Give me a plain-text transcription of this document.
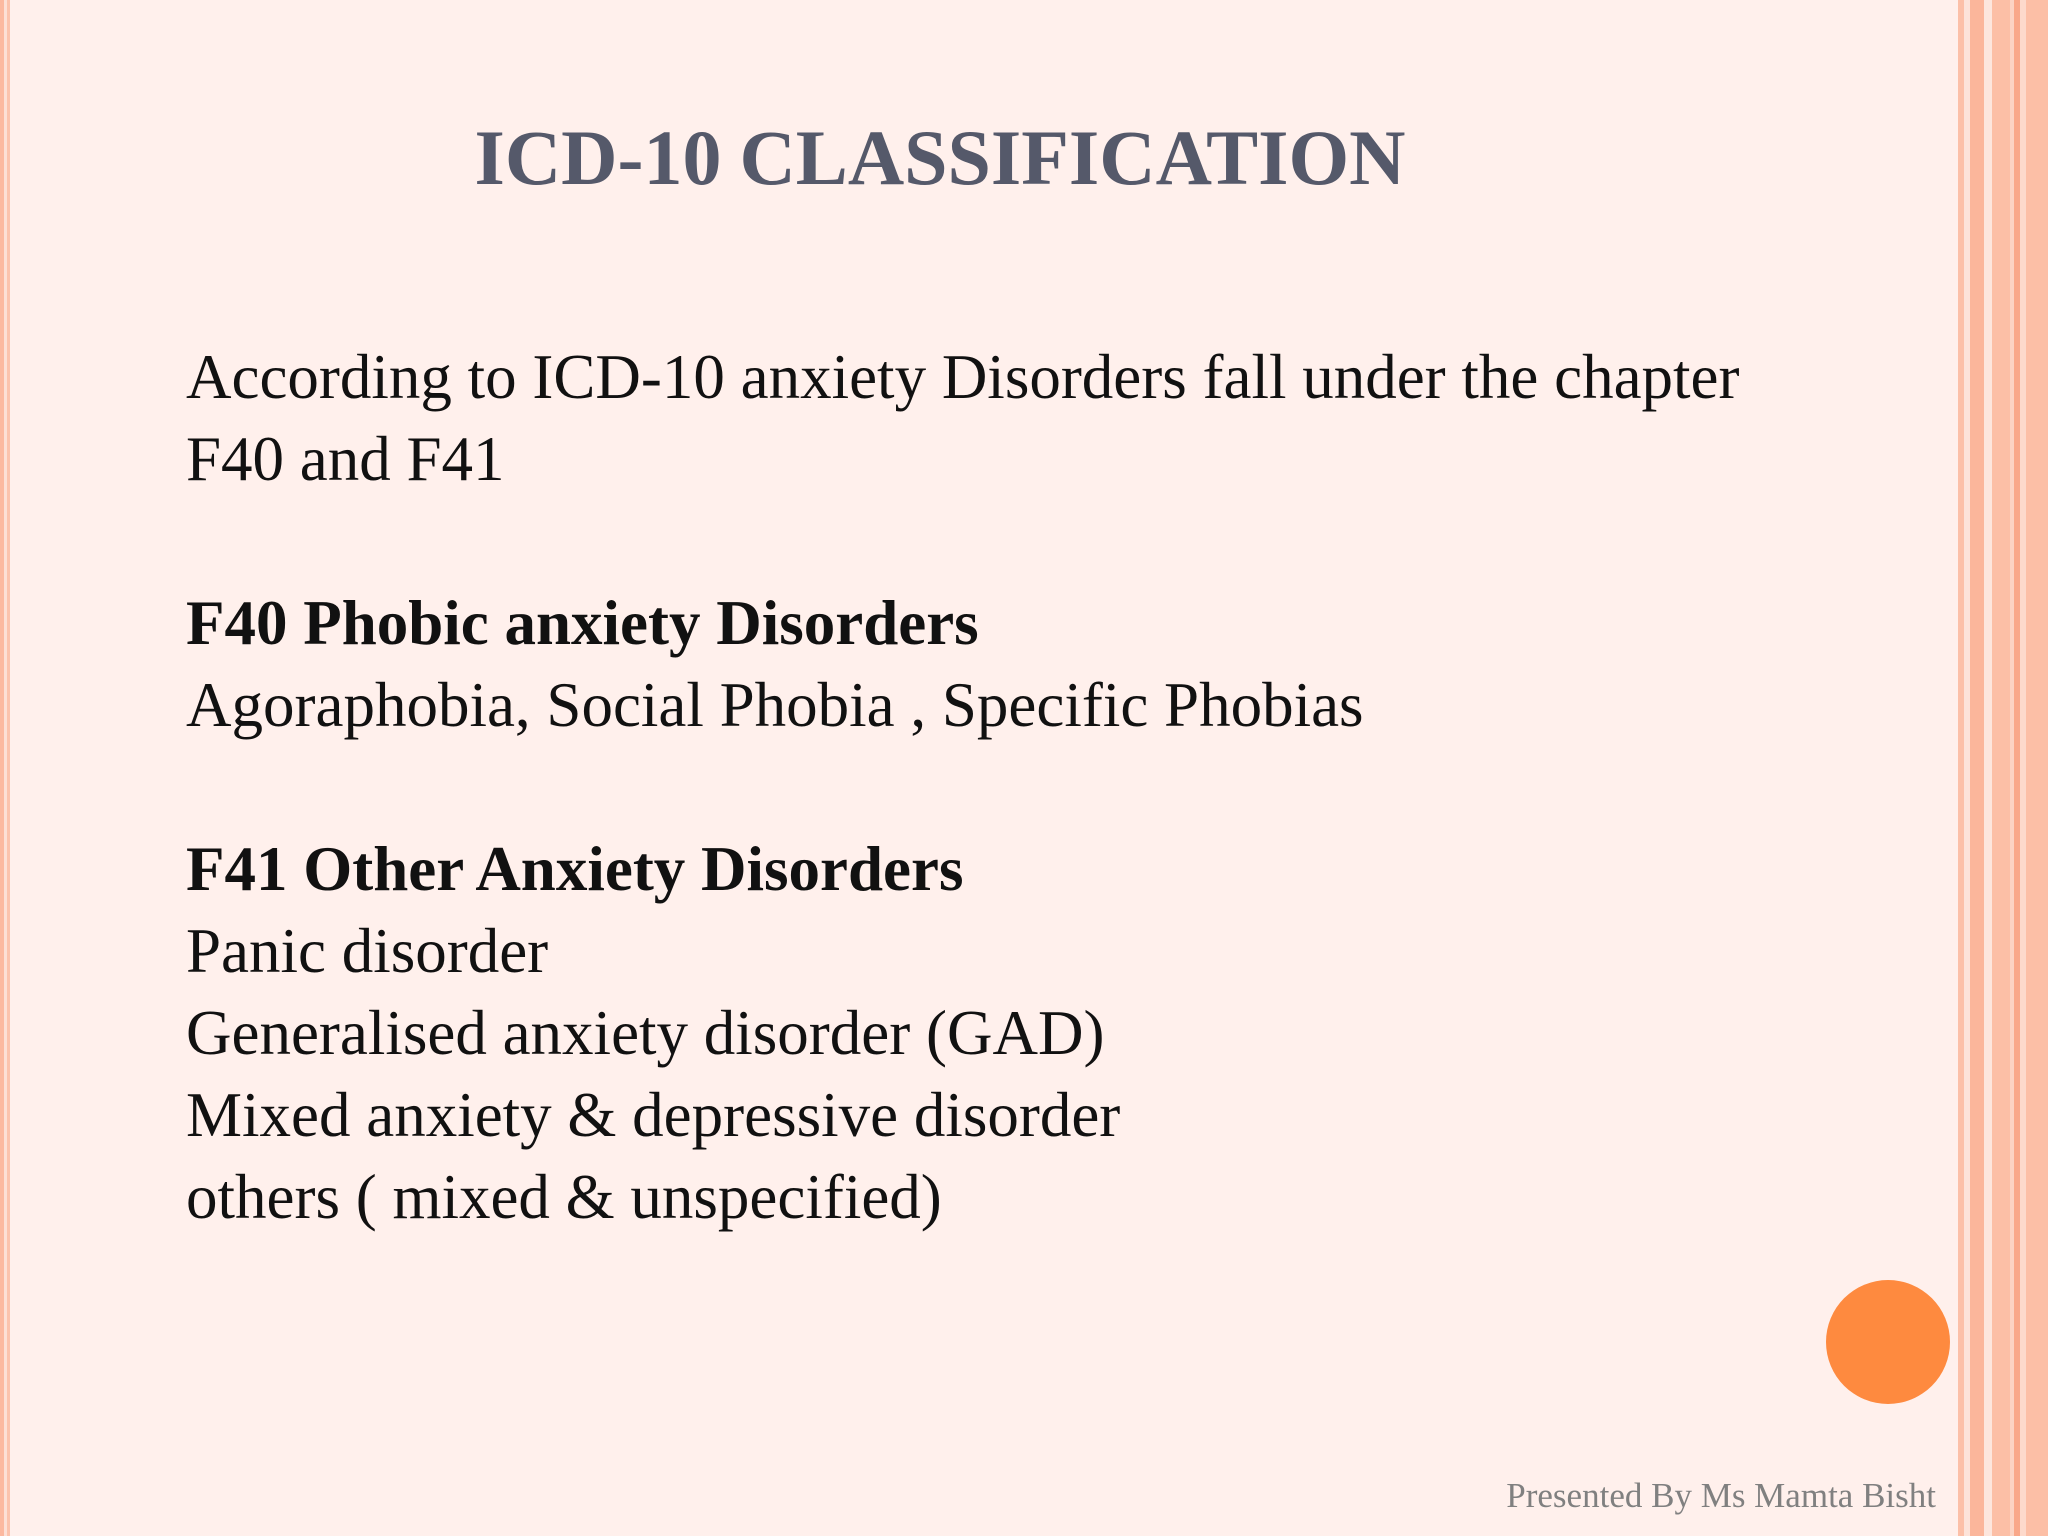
ICD-10 CLASSIFICATION
According to ICD-10 anxiety Disorders fall under the chapter
F40 and F41
F40 Phobic anxiety Disorders
Agoraphobia, Social Phobia , Specific Phobias
F41 Other Anxiety Disorders
Panic disorder
Generalised anxiety disorder (GAD)
Mixed anxiety & depressive disorder
others ( mixed & unspecified)
Presented By Ms Mamta Bisht
